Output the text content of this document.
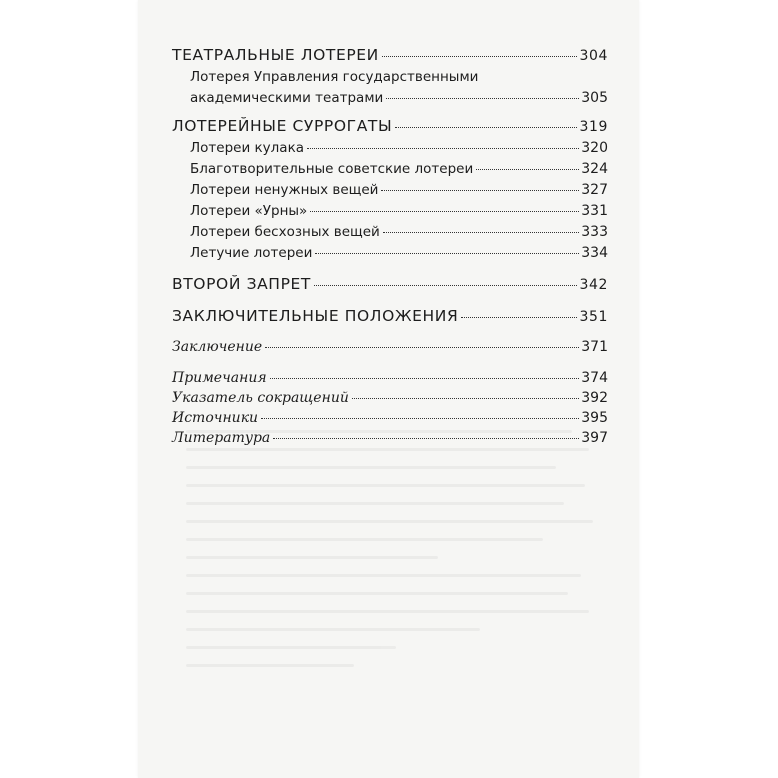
ТЕАТРАЛЬНЫЕ ЛОТЕРЕИ	304
Лотерея Управления государственными
академическими театрами	305
ЛОТЕРЕЙНЫЕ СУРРОГАТЫ	319
Лотереи кулака	320
Благотворительные советские лотереи	324
Лотереи ненужных вещей	327
Лотереи «Урны»	331
Лотереи бесхозных вещей	333
Летучие лотереи	334
ВТОРОЙ ЗАПРЕТ	342
ЗАКЛЮЧИТЕЛЬНЫЕ ПОЛОЖЕНИЯ	351
Заключение	371
Примечания	374
Указатель сокращений	392
Источники	395
Литература	397
